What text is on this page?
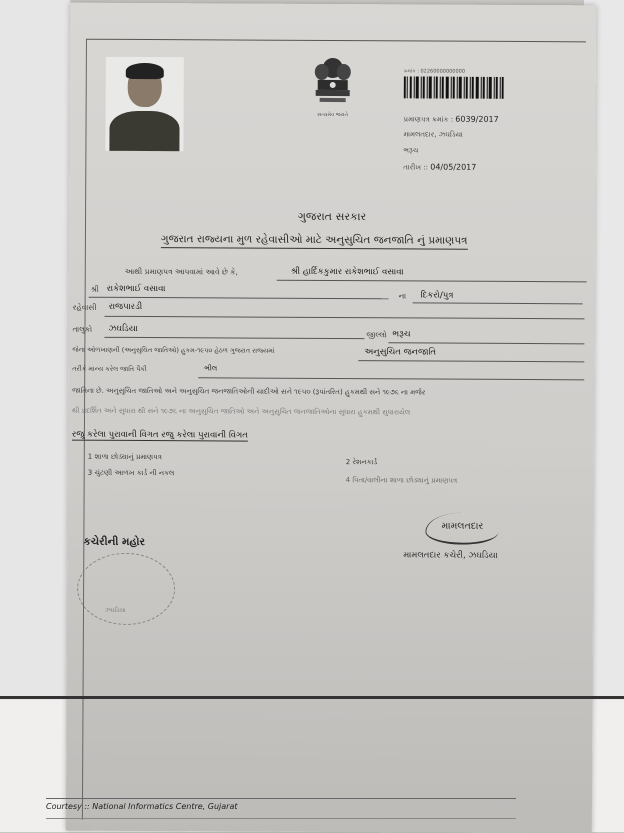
સત્યમેવ જયતે
ક્રમાંક : 02260000000000
પ્રમાણપત્ર ક્રમાંક : 6039/2017
મામલતદાર, ઝઘડિયા
ભરૂચ
તારીખ :: 04/05/2017
ગુજરાત સરકાર
ગુજરાત રાજ્યના મુળ રહેવાસીઓ માટે અનુસુચિત જનજાતિ નું પ્રમાણપત્ર
આથી પ્રમાણપત્ર આપવામાં આવે છે કે,	શ્રી હાર્દિકકુમાર રાકેશભાઈ વસાવા
શ્રી રાકેશભાઈ વસાવા
ના દિકરો/પુત્ર
રહેવાસી રાજપારડી
તાલુકો ઝઘડિયા
જીલ્લો ભરૂચ
જેના ઓળખાણની (અનુસુચિત જાતિઓ) હુકમ-૧૯૫૦ હેઠળ ગુજરાત રાજ્યમાં	અનુસુચિત જનજાતિ
તરીકે માન્ય કરેલ જાતિ પૈકી	ભીલ
જાતિના છે. અનુસુચિત જાતિઓ અને અનુસુચિત જનજાતિઓની યાદીઓ સને ૧૯૫૦ (રૂપાંતરિત) હુકમથી સને ૧૯૭૬ ના મર્જર
થી પ્રદર્શિત અને સુધારા થી સને ૧૯૭૬ ના અનુસુચિત જાતિઓ અને અનુસુચિત જનજાતિઓના સુધારા હુકમથી સુધારાયેલ
રજુ કરેલા પુરાવાની વિગત રજુ કરેલા પુરાવાની વિગત
1 શાળા છોડ્યાનું પ્રમાણપત્ર
2 રેશનકાર્ડ
3 ચુંટણી આળખ કાર્ડ ની નકલ
4 પિતા/વાલીના શાળા છોડ્યાનું પ્રમાણપત્ર
મામલતદાર
મામલતદાર કચેરી, ઝઘડિયા
કચેરીની મહોર
ઝઘડિયા
Courtesy :: National Informatics Centre, Gujarat
